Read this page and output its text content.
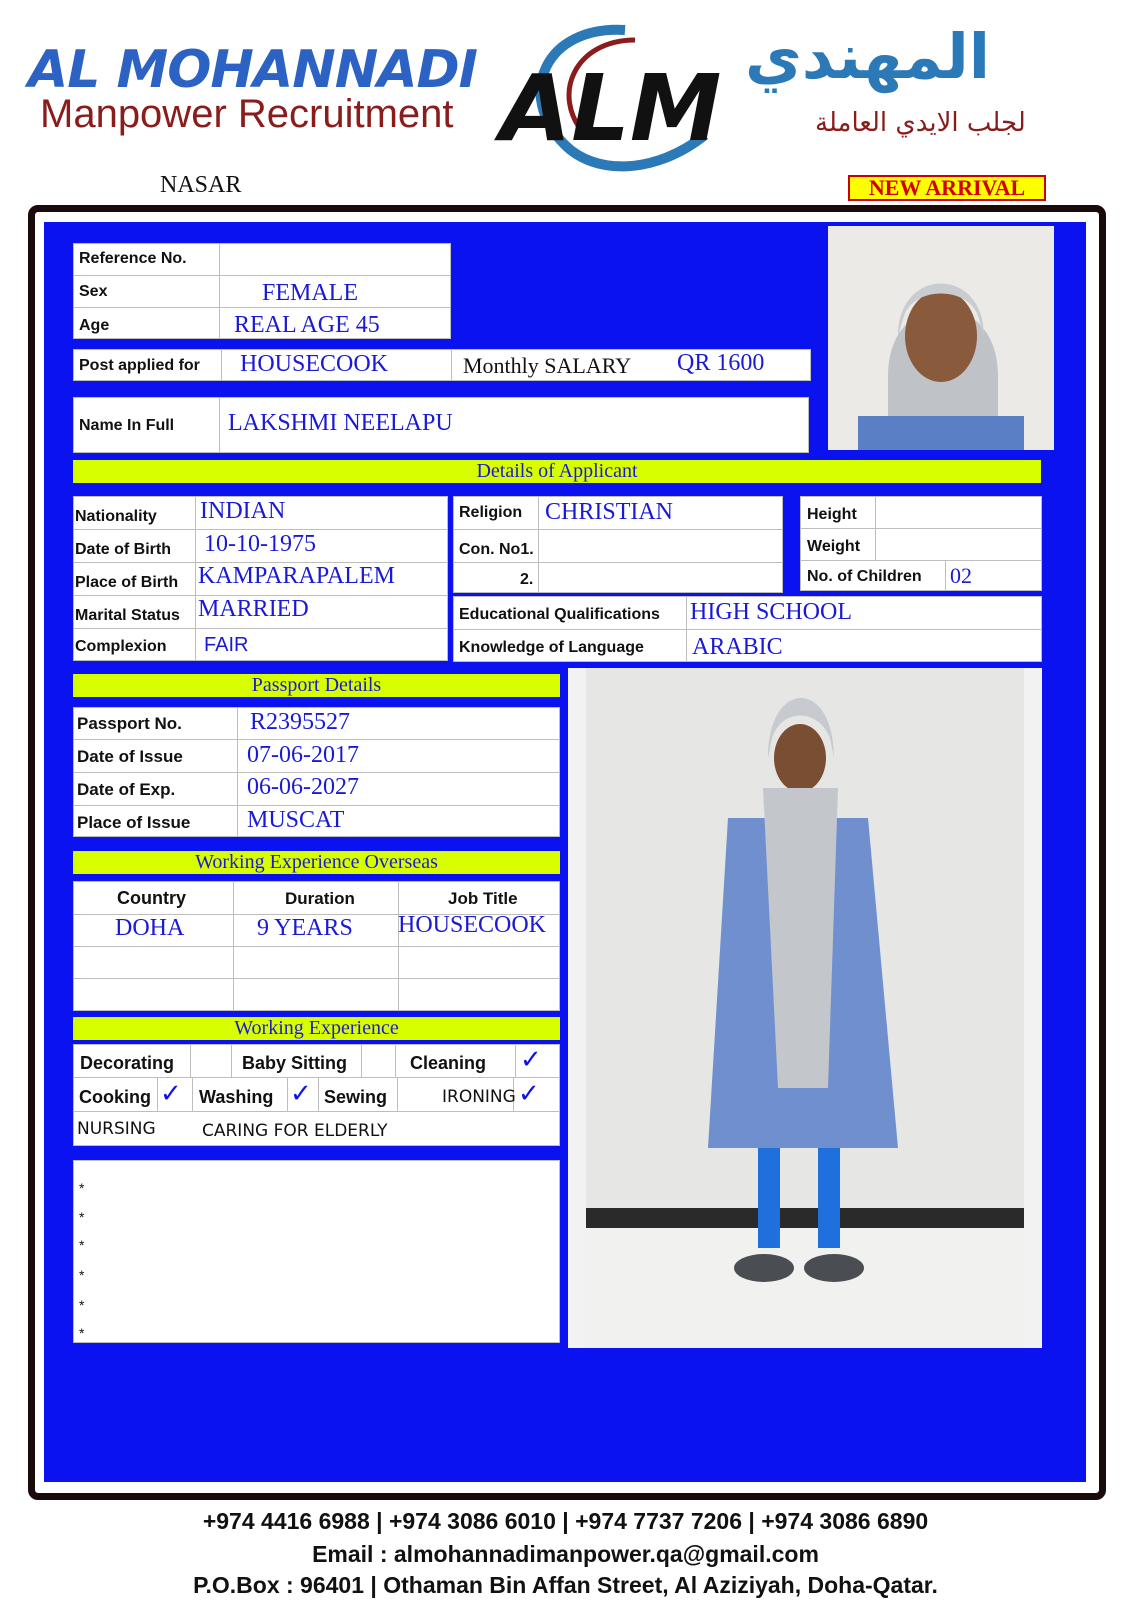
AL MOHANNADI
Manpower Recruitment ALM المهندي
لجلب الايدي العاملة
NASAR	NEW ARRIVAL
Reference No.
Sex	FEMALE
Age	REAL AGE 45
Post applied for HOUSECOOK	Monthly SALARY QR 1600
Name In Full LAKSHMI NEELAPU
Details of Applicant
Nationality INDIAN
Date of Birth 10-10-1975
Place of Birth KAMPARAPALEM
Marital Status MARRIED
Complexion FAIR
Religion CHRISTIAN
Con. No1.
2.
Height
Weight
No. of Children 02
Educational Qualifications HIGH SCHOOL
Knowledge of Language ARABIC
Passport Details
Passport No.	R2395527
Date of Issue	07-06-2017
Date of Exp.	06-06-2027
Place of Issue MUSCAT
Working Experience Overseas
Country	Duration	Job Title
DOHA	9 YEARS HOUSECOOK
Working Experience
Decorating	Baby Sitting	Cleaning ✓
Cooking ✓ Washing ✓ Sewing	IRONING ✓
NURSING	CARING FOR ELDERLY
*
*
*
*
*
*
+974 4416 6988 | +974 3086 6010 | +974 7737 7206 | +974 3086 6890
Email : almohannadimanpower.qa@gmail.com
P.O.Box : 96401 | Othaman Bin Affan Street, Al Aziziyah, Doha-Qatar.
